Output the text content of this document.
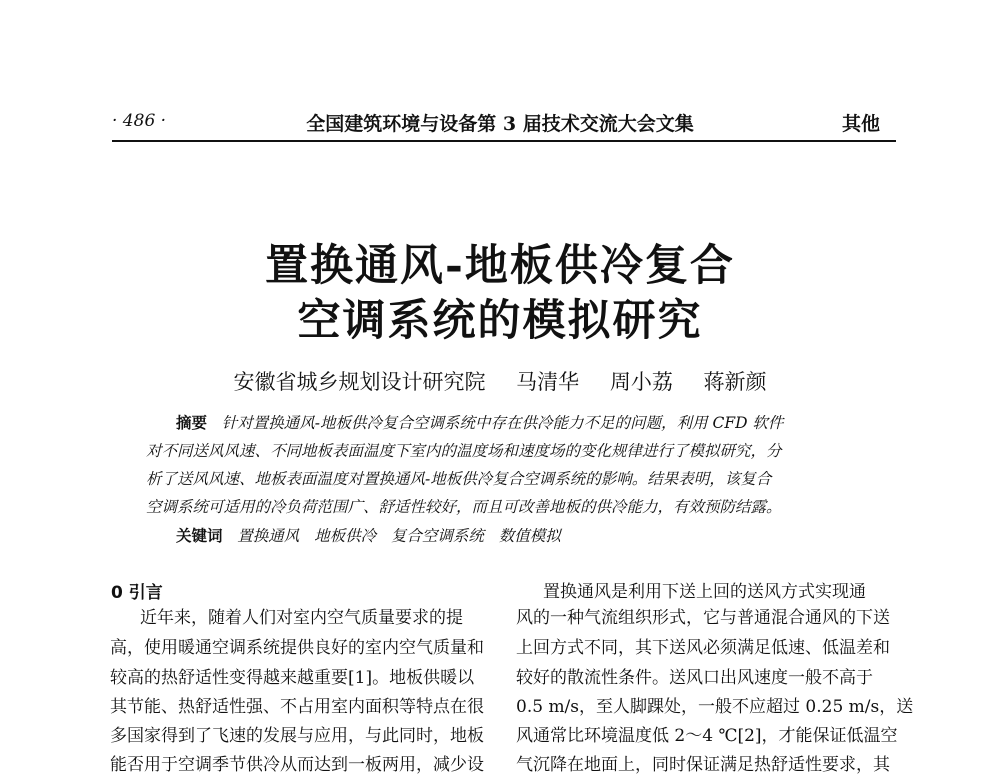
· 486 ·	全国建筑环境与设备第 3 届技术交流大会文集	其他
置换通风-地板供冷复合
空调系统的模拟研究
安徽省城乡规划设计研究院 马清华 周小荔 蒋新颜
摘要 针对置换通风-地板供冷复合空调系统中存在供冷能力不足的问题，利用 CFD 软件
对不同送风风速、不同地板表面温度下室内的温度场和速度场的变化规律进行了模拟研究，分
析了送风风速、地板表面温度对置换通风-地板供冷复合空调系统的影响。结果表明，该复合
空调系统可适用的冷负荷范围广、舒适性较好，而且可改善地板的供冷能力，有效预防结露。
关键词 置换通风 地板供冷 复合空调系统 数值模拟
0 引言
近年来，随着人们对室内空气质量要求的提
高，使用暖通空调系统提供良好的室内空气质量和
较高的热舒适性变得越来越重要[1]。地板供暖以
其节能、热舒适性强、不占用室内面积等特点在很
多国家得到了飞速的发展与应用，与此同时，地板
能否用于空调季节供冷从而达到一板两用，减少设
置换通风是利用下送上回的送风方式实现通
风的一种气流组织形式，它与普通混合通风的下送
上回方式不同，其下送风必须满足低速、低温差和
较好的散流性条件。送风口出风速度一般不高于
0.5 m/s，至人脚踝处，一般不应超过 0.25 m/s，送
风通常比环境温度低 2～4 ℃[2]，才能保证低温空
气沉降在地面上，同时保证满足热舒适性要求，其
